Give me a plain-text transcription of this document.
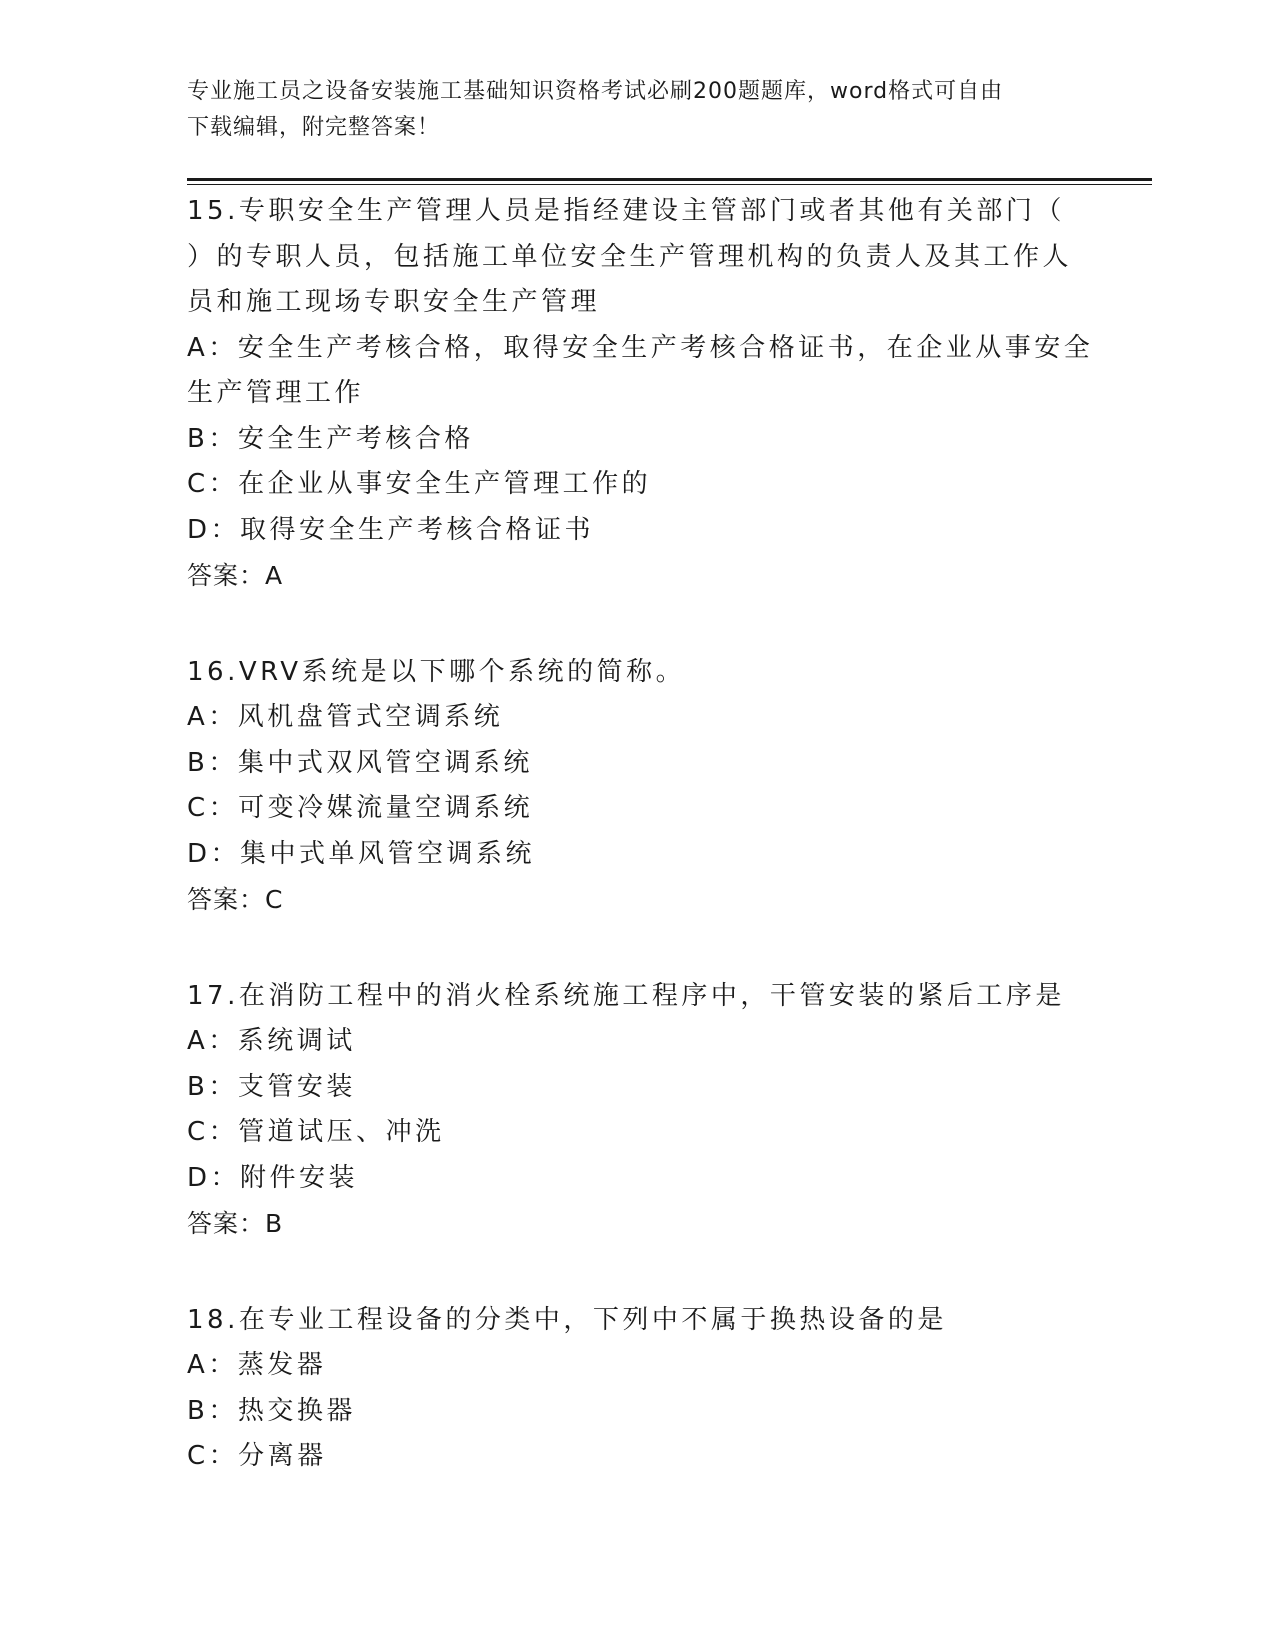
专业施工员之设备安装施工基础知识资格考试必刷200题题库，word格式可自由
下载编辑，附完整答案！
15.专职安全生产管理人员是指经建设主管部门或者其他有关部门（
）的专职人员，包括施工单位安全生产管理机构的负责人及其工作人
员和施工现场专职安全生产管理
A：安全生产考核合格，取得安全生产考核合格证书，在企业从事安全
生产管理工作
B：安全生产考核合格
C：在企业从事安全生产管理工作的
D：取得安全生产考核合格证书
答案：A
16.VRV系统是以下哪个系统的简称。
A：风机盘管式空调系统
B：集中式双风管空调系统
C：可变冷媒流量空调系统
D：集中式单风管空调系统
答案：C
17.在消防工程中的消火栓系统施工程序中，干管安装的紧后工序是
A：系统调试
B：支管安装
C：管道试压、冲洗
D：附件安装
答案：B
18.在专业工程设备的分类中，下列中不属于换热设备的是
A：蒸发器
B：热交换器
C：分离器
